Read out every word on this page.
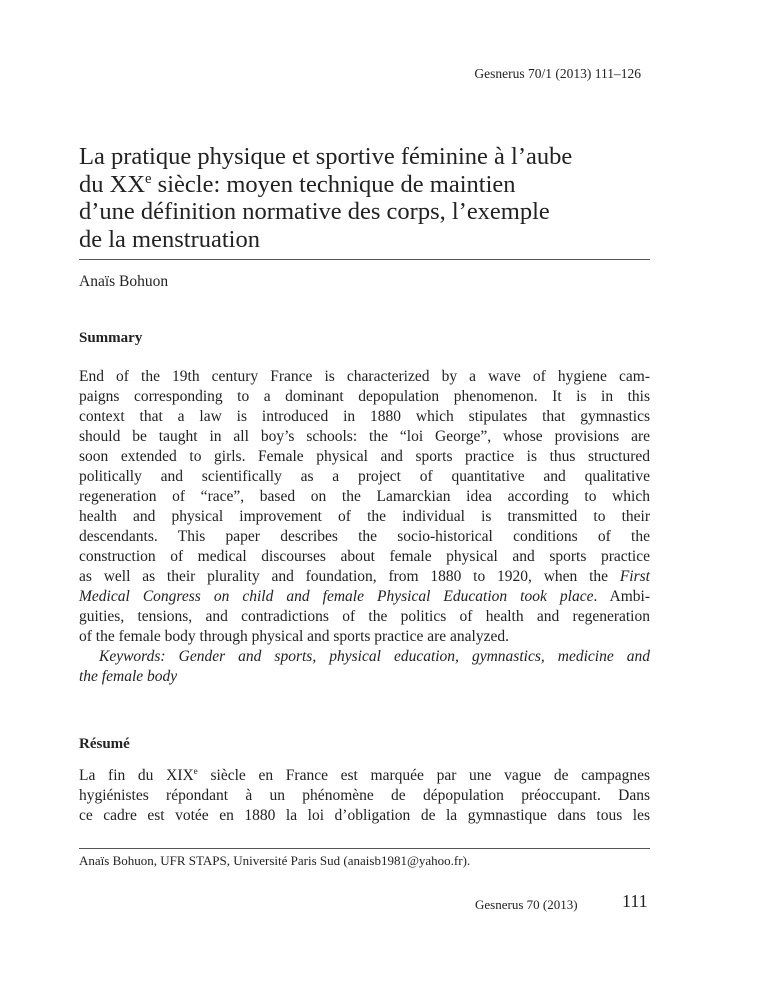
Gesnerus 70/1 (2013) 111–126
La pratique physique et sportive féminine à l’aube
du XXe siècle: moyen technique de maintien
d’une définition normative des corps, l’exemple
de la menstruation
Anaïs Bohuon
Summary
End of the 19th century France is characterized by a wave of hygiene cam-
paigns corresponding to a dominant depopulation phenomenon. It is in this
context that a law is introduced in 1880 which stipulates that gymnastics
should be taught in all boy’s schools: the “loi George”, whose provisions are
soon extended to girls. Female physical and sports practice is thus structured
politically and scientifically as a project of quantitative and qualitative
regeneration of “race”, based on the Lamarckian idea according to which
health and physical improvement of the individual is transmitted to their
descendants. This paper describes the socio-historical conditions of the
construction of medical discourses about female physical and sports practice
as well as their plurality and foundation, from 1880 to 1920, when the First
Medical Congress on child and female Physical Education took place. Ambi-
guities, tensions, and contradictions of the politics of health and regeneration
of the female body through physical and sports practice are analyzed.
Keywords: Gender and sports, physical education, gymnastics, medicine and
the female body
Résumé
La fin du XIXe siècle en France est marquée par une vague de campagnes
hygiénistes répondant à un phénomène de dépopulation préoccupant. Dans
ce cadre est votée en 1880 la loi d’obligation de la gymnastique dans tous les
Anaïs Bohuon, UFR STAPS, Université Paris Sud (anaisb1981@yahoo.fr).
Gesnerus 70 (2013) 111
